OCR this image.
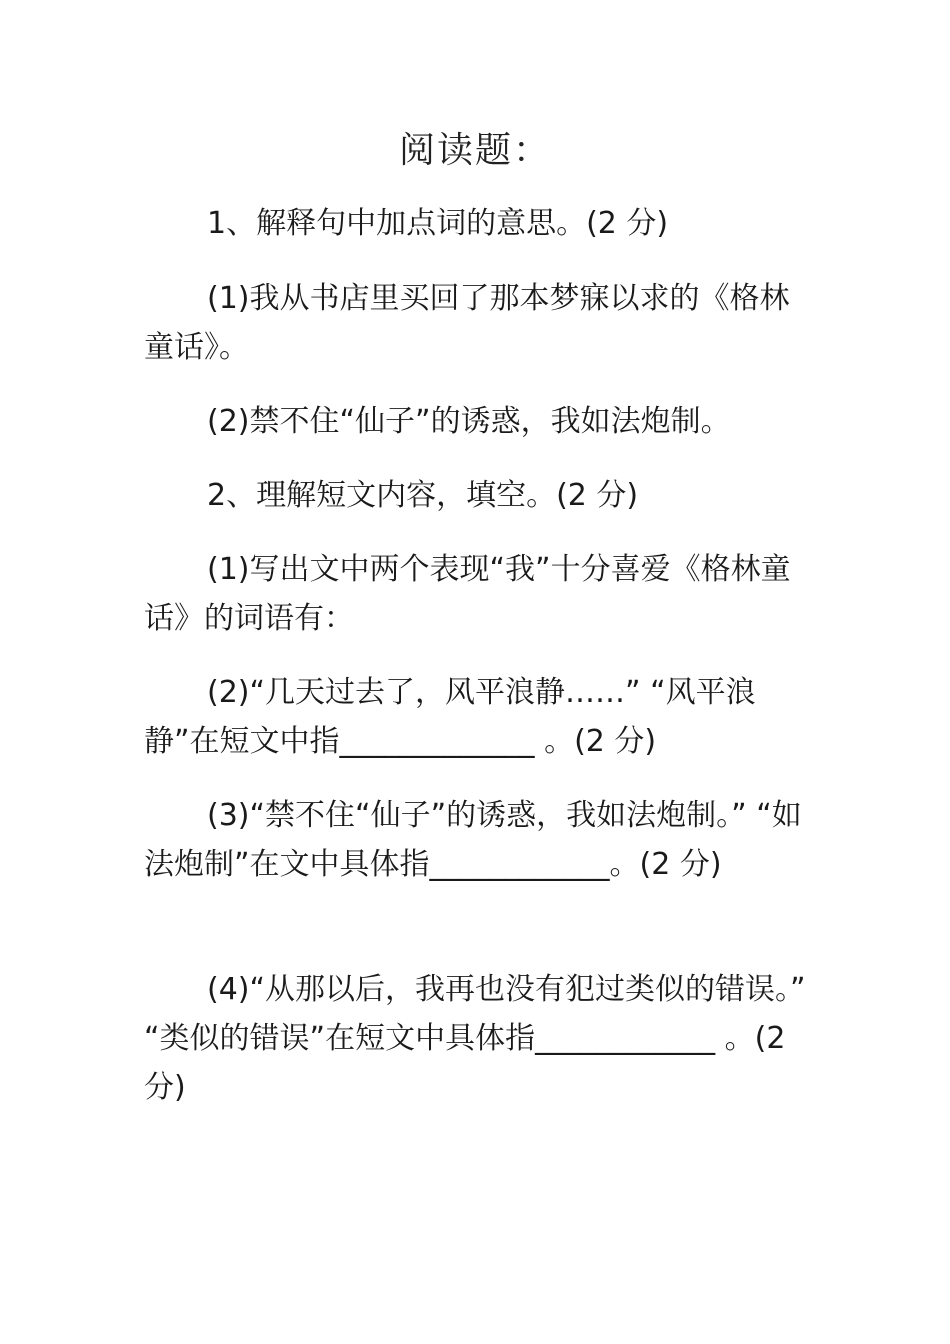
阅读题：
1、解释句中加点词的意思。(2 分)
(1)我从书店里买回了那本梦寐以求的《格林童话》。
(2)禁不住“仙子”的诱惑，我如法炮制。
2、理解短文内容，填空。(2 分)
(1)写出文中两个表现“我”十分喜爱《格林童话》的词语有：
(2)“几天过去了，风平浪静……” “风平浪静”在短文中指_____________ 。(2 分)
(3)“禁不住“仙子”的诱惑，我如法炮制。” “如法炮制”在文中具体指____________。(2 分)
(4)“从那以后，我再也没有犯过类似的错误。” “类似的错误”在短文中具体指____________ 。(2 分)
